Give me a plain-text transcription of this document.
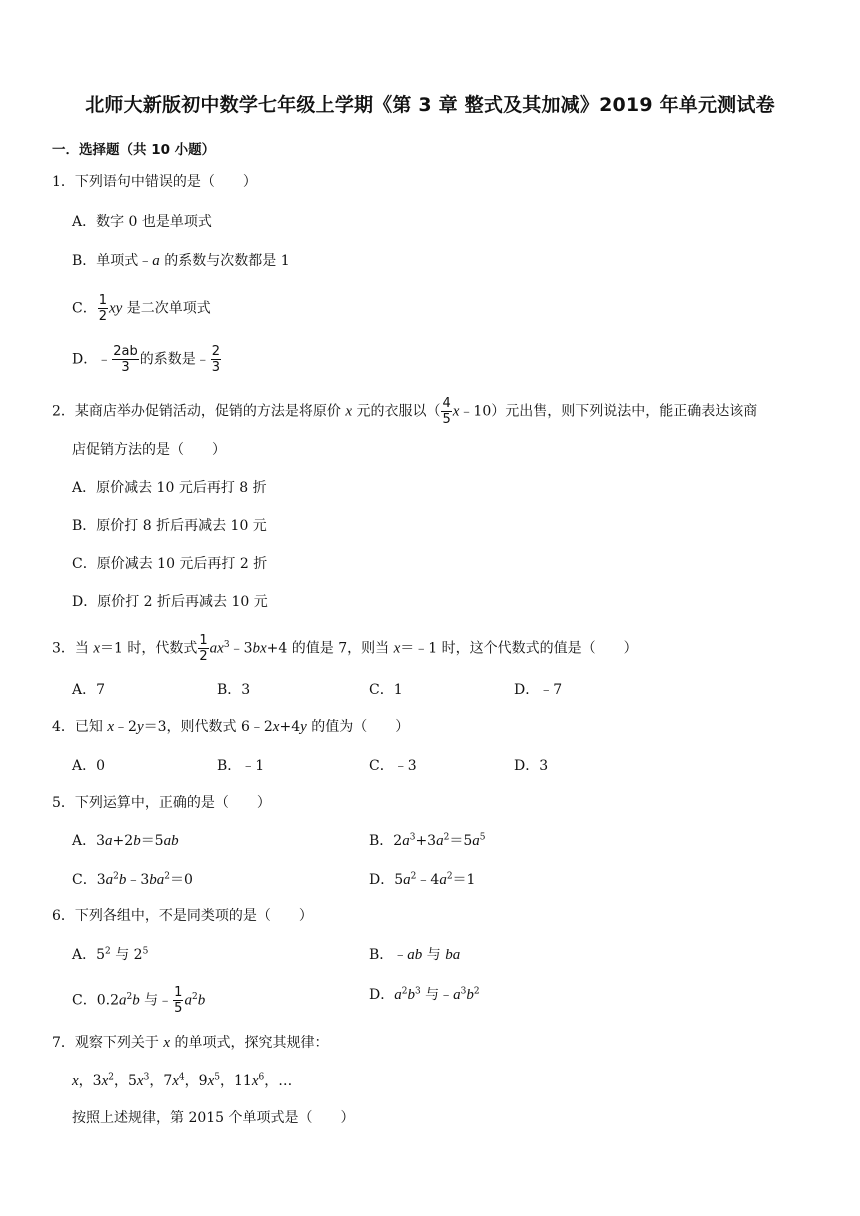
北师大新版初中数学七年级上学期《第 3 章 整式及其加减》2019 年单元测试卷
一．选择题（共 10 小题）
1．下列语句中错误的是（　　）
A．数字 0 也是单项式
B．单项式﹣a 的系数与次数都是 1
C． $\frac{1}{2}$ xy 是二次单项式
D．﹣ $\frac{2ab}{3}$ 的系数是﹣ $\frac{2}{3}$
2．某商店举办促销活动，促销的方法是将原价 x 元的衣服以（ $\frac{4}{5}$ x﹣10）元出售，则下列说法中，能正确表达该商
店促销方法的是（　　）
A．原价减去 10 元后再打 8 折
B．原价打 8 折后再减去 10 元
C．原价减去 10 元后再打 2 折
D．原价打 2 折后再减去 10 元
3．当 x＝1 时，代数式 $\frac{1}{2}$ $ax^3﹣3bx+4$ 的值是 7，则当 x＝﹣1 时，这个代数式的值是（　　）
A．7	B．3	C．1	D．﹣7
4．已知 x﹣2y＝3，则代数式 6﹣2x+4y 的值为（　　）
A．0	B．﹣1	C．﹣3	D．3
5．下列运算中，正确的是（　　）
A．3a+2b＝5ab	B．$2a^3+3a^2=5a^5$
C．$3a^2b﹣3ba^2=0$	D．$5a^2﹣4a^2=1$
6．下列各组中，不是同类项的是（　　）
A．$5^2$ 与 $2^5$	B．﹣ab 与 ba
C．$0.2a^2b$ 与﹣ $\frac{1}{5} a^2b$	D．$a^2b^3$ 与$﹣a^3b^2$
7．观察下列关于 x 的单项式，探究其规律：
x，$3x^2$，$5x^3$，$7x^4$，$9x^5$，$11x^6$，…
按照上述规律，第 2015 个单项式是（　　）
